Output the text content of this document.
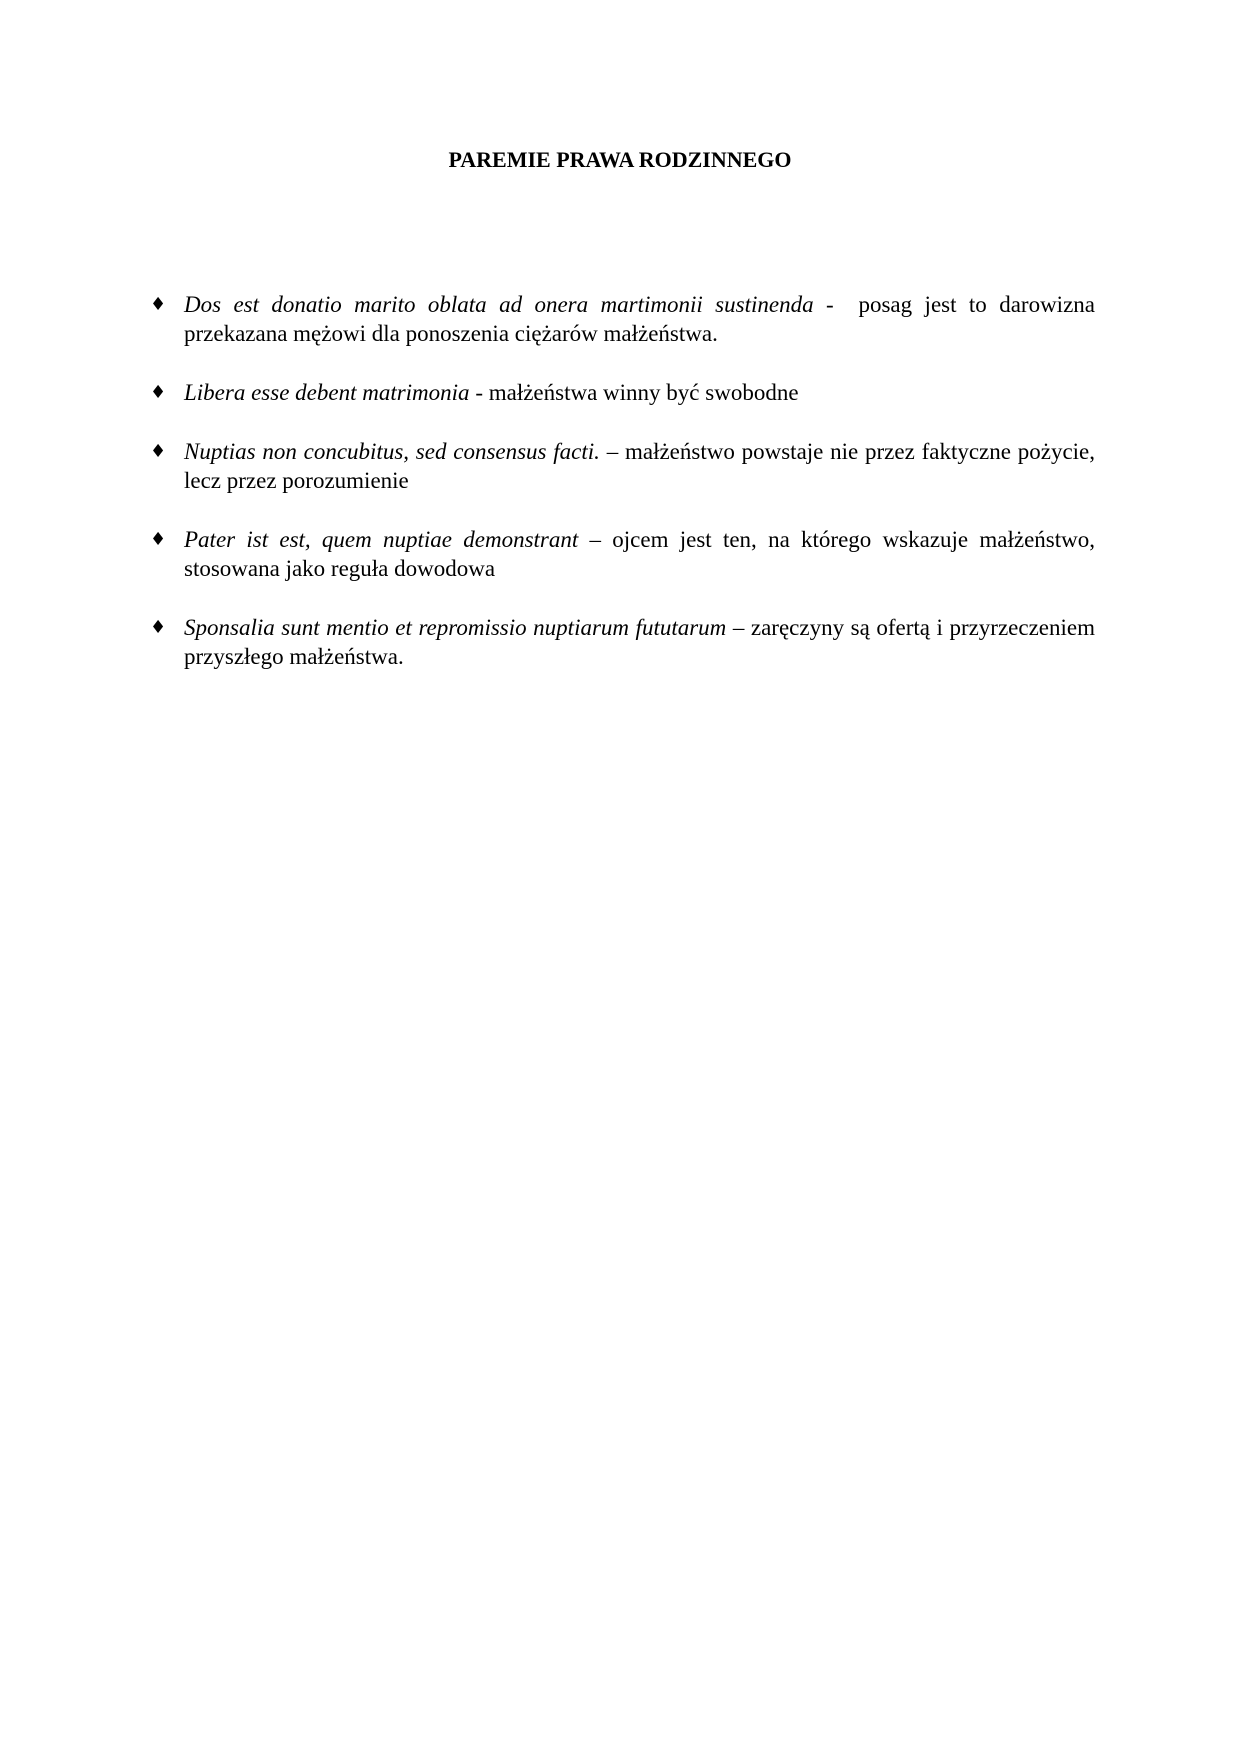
PAREMIE PRAWA RODZINNEGO
♦ Dos est donatio marito oblata ad onera martimonii sustinenda -  posag jest to darowizna przekazana mężowi dla ponoszenia ciężarów małżeństwa.
♦ Libera esse debent matrimonia - małżeństwa winny być swobodne
♦ Nuptias non concubitus, sed consensus facti. – małżeństwo powstaje nie przez faktyczne pożycie, lecz przez porozumienie
♦ Pater ist est, quem nuptiae demonstrant – ojcem jest ten, na którego wskazuje małżeństwo, stosowana jako reguła dowodowa
♦ Sponsalia sunt mentio et repromissio nuptiarum fututarum – zaręczyny są ofertą i przyrzeczeniem   przyszłego małżeństwa.
